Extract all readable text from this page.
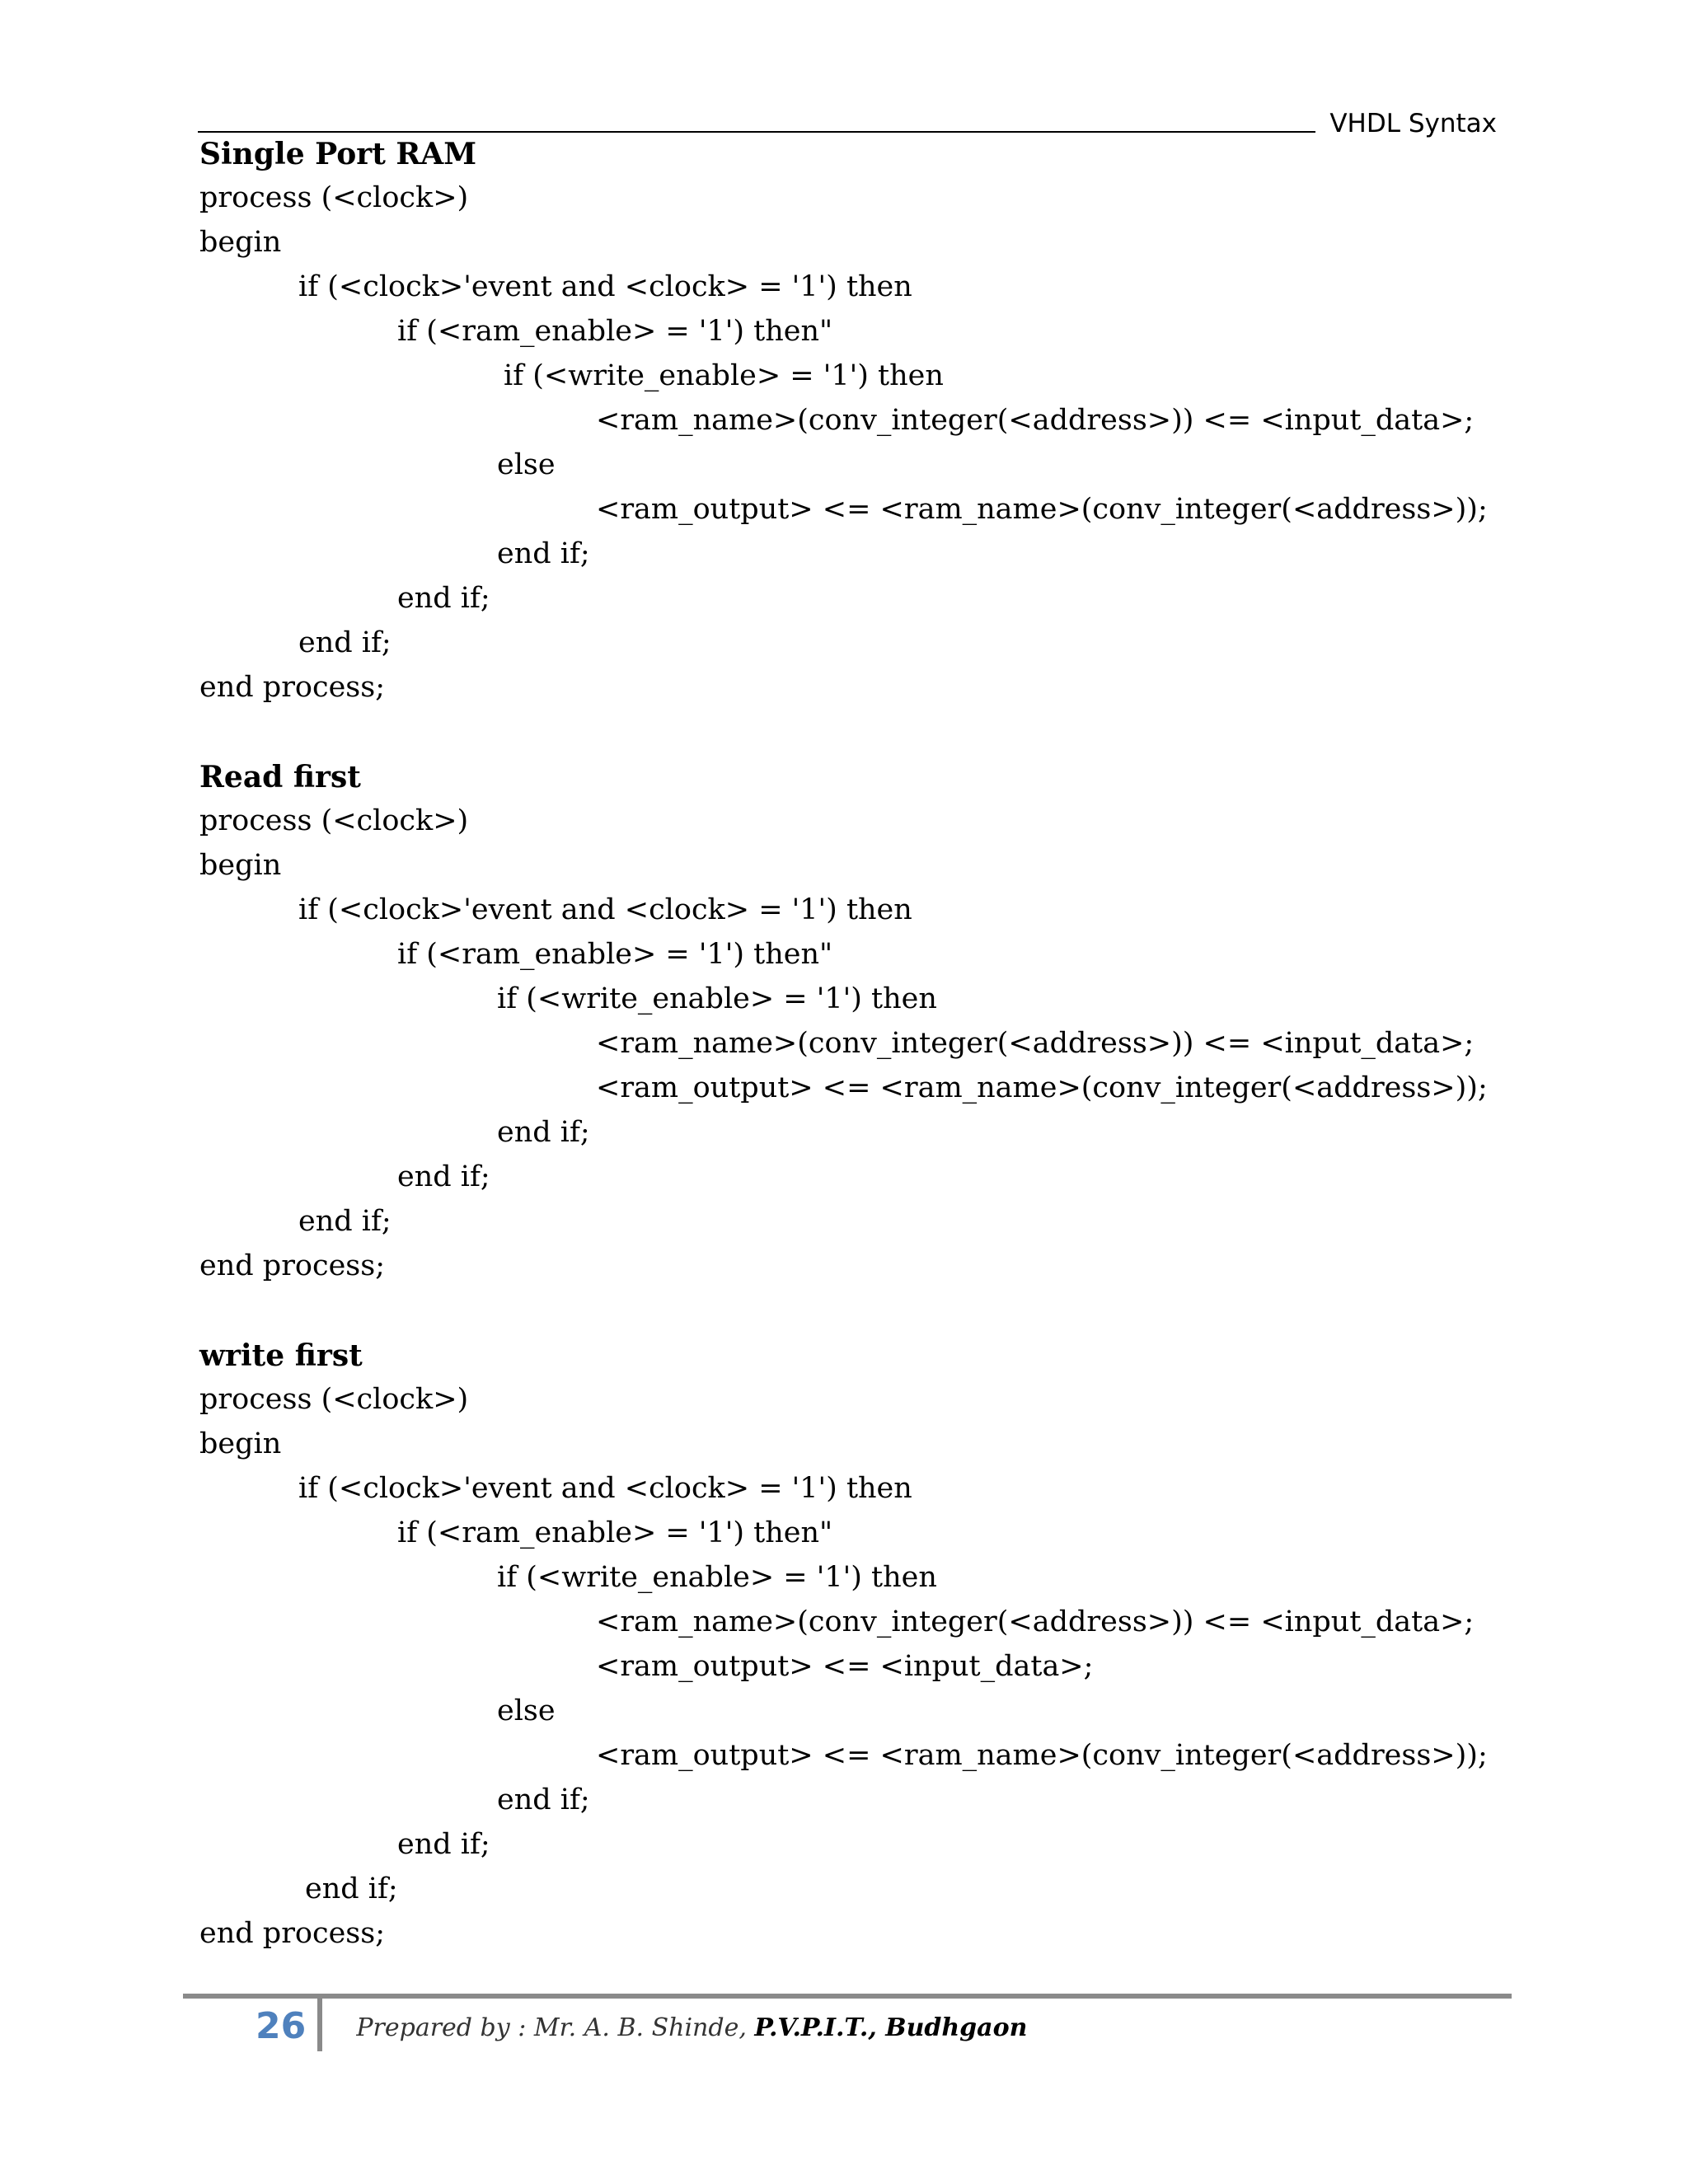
VHDL Syntax
Single Port RAM

process (<clock>)

begin

if (<clock>'event and <clock> = '1') then

if (<ram_enable> = '1') then"

if (<write_enable> = '1') then

<ram_name>(conv_integer(<address>)) <= <input_data>;

else

<ram_output> <= <ram_name>(conv_integer(<address>));

end if;

end if;

end if;

end process;

Read first

process (<clock>)

begin

if (<clock>'event and <clock> = '1') then

if (<ram_enable> = '1') then"

if (<write_enable> = '1') then

<ram_name>(conv_integer(<address>)) <= <input_data>;

<ram_output> <= <ram_name>(conv_integer(<address>));

end if;

end if;

end if;

end process;

write first

process (<clock>)

begin

if (<clock>'event and <clock> = '1') then

if (<ram_enable> = '1') then"

if (<write_enable> = '1') then

<ram_name>(conv_integer(<address>)) <= <input_data>;

<ram_output> <= <input_data>;

else

<ram_output> <= <ram_name>(conv_integer(<address>));

end if;

end if;

end if;

end process;

26	Prepared by : Mr. A. B. Shinde, P.V.P.I.T., Budhgaon
